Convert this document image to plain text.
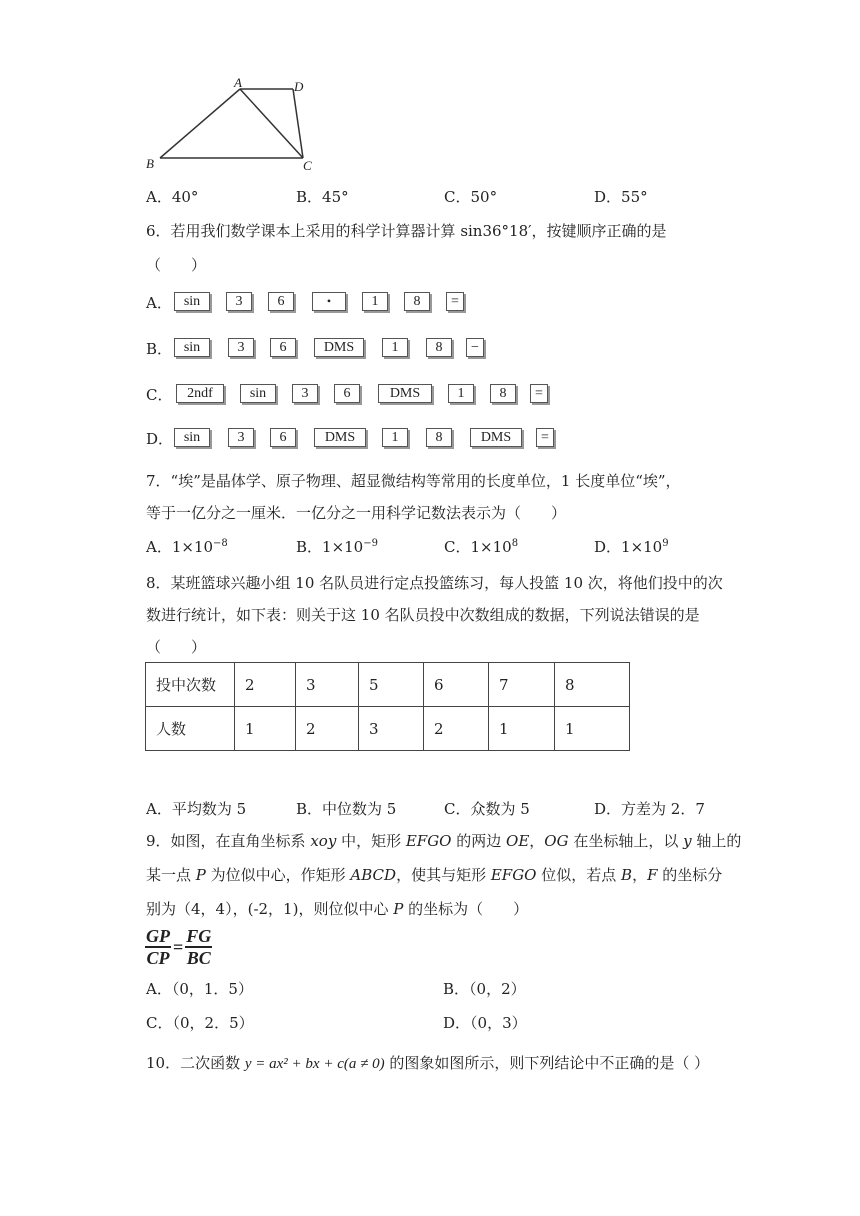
A	D
B	C
A．40°	B．45°	C．50°	D．55°
6．若用我们数学课本上采用的科学计算器计算 sin36°18′，按键顺序正确的是
（　　）
A． sin	3	6	•	1	8	=
B． sin	3	6	DMS	1	8	−
C．	2ndf	sin	3	6	DMS	1	8	=
D． sin	3	6	DMS	1	8	DMS	=
7．“埃”是晶体学、原子物理、超显微结构等常用的长度单位，1 长度单位“埃”，
等于一亿分之一厘米．一亿分之一用科学记数法表示为（　　）
A．$1\times 10^{-8}$	B．$1\times 10^{-9}$	C．$1\times 10^8$	D．$1\times 10^9$
8．某班篮球兴趣小组 10 名队员进行定点投篮练习，每人投篮 10 次，将他们投中的次
数进行统计，如下表：则关于这 10 名队员投中次数组成的数据，下列说法错误的是
（　　）
投中次数	2	3	5	6	7	8
人数	1	2	3	2	1	1
A．平均数为 5	B．中位数为 5	C．众数为 5	D．方差为 2．7
9．如图，在直角坐标系 xoy 中，矩形 EFGO 的两边 OE，OG 在坐标轴上，以 y 轴上的
某一点 P 为位似中心，作矩形 ABCD，使其与矩形 EFGO 位似，若点 B，F 的坐标分
别为（4，4），(-2，1)，则位似中心 P 的坐标为（　　）
$\frac{GP}{CP} = \frac{FG}{BC}$
A．（0，1．5）	B．（0，2）
C．（0，2．5）	D．（0，3）
10．二次函数 y = ax² + bx + c(a ≠ 0) 的图象如图所示，则下列结论中不正确的是（ ）
